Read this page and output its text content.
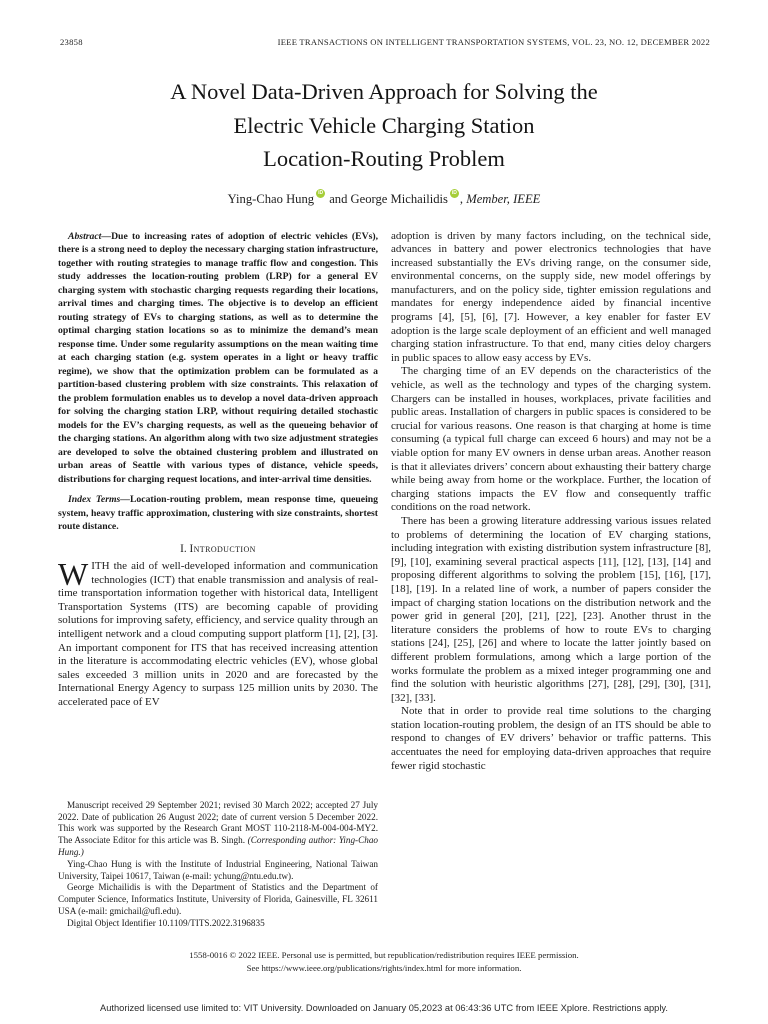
23858	IEEE TRANSACTIONS ON INTELLIGENT TRANSPORTATION SYSTEMS, VOL. 23, NO. 12, DECEMBER 2022
A Novel Data-Driven Approach for Solving the
Electric Vehicle Charging Station
Location-Routing Problem
Ying-Chao Hung iD and George Michailidis iD , Member, IEEE

Abstract—Due to increasing rates of adoption of electric vehicles (EVs), there is a strong need to deploy the necessary charging station infrastructure, together with routing strategies to manage traffic flow and congestion. This study addresses the location-routing problem (LRP) for a general EV charging system with stochastic charging requests regarding their locations, arrival times and charging times. The objective is to develop an efficient routing strategy of EVs to charging stations, as well as to determine the optimal charging station locations so as to minimize the demand’s mean response time. Under some regularity assumptions on the mean waiting time at each charging station (e.g. system operates in a light or heavy traffic regime), we show that the optimization problem can be formulated as a partition-based clustering problem with size constraints. This relaxation of the problem formulation enables us to develop a novel data-driven approach for solving the charging station LRP, without requiring detailed stochastic models for the EV’s charging requests, as well as the queueing behavior of the charging stations. An algorithm along with two size adjustment strategies are developed to solve the obtained clustering problem and illustrated on urban areas of Seattle with various types of distance, vehicle speeds, distributions for charging request locations, and inter-arrival time densities.

Index Terms—Location-routing problem, mean response time, queueing system, heavy traffic approximation, clustering with size constraints, shortest route distance.

I. Introduction

WITH the aid of well-developed information and communication technologies (ICT) that enable transmission and analysis of real-time transportation information together with historical data, Intelligent Transportation Systems (ITS) are becoming capable of providing solutions for improving safety, efficiency, and service quality through an intelligent network and a cloud computing support platform [1], [2], [3]. An important component for ITS that has received increasing attention in the literature is accommodating electric vehicles (EV), whose global sales exceeded 3 million units in 2020 and are forecasted by the International Energy Agency to surpass 125 million units by 2030. The accelerated pace of EV

Manuscript received 29 September 2021; revised 30 March 2022; accepted 27 July 2022. Date of publication 26 August 2022; date of current version 5 December 2022. This work was supported by the Research Grant MOST 110-2118-M-004-004-MY2. The Associate Editor for this article was B. Singh. (Corresponding author: Ying-Chao Hung.)

Ying-Chao Hung is with the Institute of Industrial Engineering, National Taiwan University, Taipei 10617, Taiwan (e-mail: ychung@ntu.edu.tw).

George Michailidis is with the Department of Statistics and the Department of Computer Science, Informatics Institute, University of Florida, Gainesville, FL 32611 USA (e-mail: gmichail@ufl.edu).

Digital Object Identifier 10.1109/TITS.2022.3196835

adoption is driven by many factors including, on the technical side, advances in battery and power electronics technologies that have increased substantially the EVs driving range, on the consumer side, environmental concerns, on the supply side, new model offerings by manufacturers, and on the policy side, tighter emission regulations and mandates for energy independence aided by financial incentive programs [4], [5], [6], [7]. However, a key enabler for faster EV adoption is the large scale deployment of an efficient and well managed charging station infrastructure. To that end, many cities deloy chargers in public spaces to allow easy access by EVs.

The charging time of an EV depends on the characteristics of the vehicle, as well as the technology and types of the charging system. Chargers can be installed in houses, workplaces, private facilities and public areas. Installation of chargers in public spaces is considered to be crucial for various reasons. One reason is that charging at home is time consuming (a typical full charge can exceed 6 hours) and may not be a viable option for many EV owners in dense urban areas. Another reason is that it alleviates drivers’ concern about exhausting their battery charge while being away from home or the workplace. Further, the location of charging stations impacts the EV flow and consequently traffic conditions on the road network.

There has been a growing literature addressing various issues related to problems of determining the location of EV charging stations, including integration with existing distribution system infrastructure [8], [9], [10], examining several practical aspects [11], [12], [13], [14] and proposing different algorithms to solving the problem [15], [16], [17], [18], [19]. In a related line of work, a number of papers consider the impact of charging station locations on the distribution network and the power grid in general [20], [21], [22], [23]. Another thrust in the literature considers the problems of how to route EVs to charging stations [24], [25], [26] and where to locate the latter jointly based on different problem formulations, among which a large portion of the works formulate the problem as a mixed integer programming one and find the solution with heuristic algorithms [27], [28], [29], [30], [31], [32], [33].

Note that in order to provide real time solutions to the charging station location-routing problem, the design of an ITS should be able to respond to changes of EV drivers’ behavior or traffic patterns. This accentuates the need for employing data-driven approaches that require fewer rigid stochastic

1558-0016 © 2022 IEEE. Personal use is permitted, but republication/redistribution requires IEEE permission.
See https://www.ieee.org/publications/rights/index.html for more information.
Authorized licensed use limited to: VIT University. Downloaded on January 05,2023 at 06:43:36 UTC from IEEE Xplore. Restrictions apply.
